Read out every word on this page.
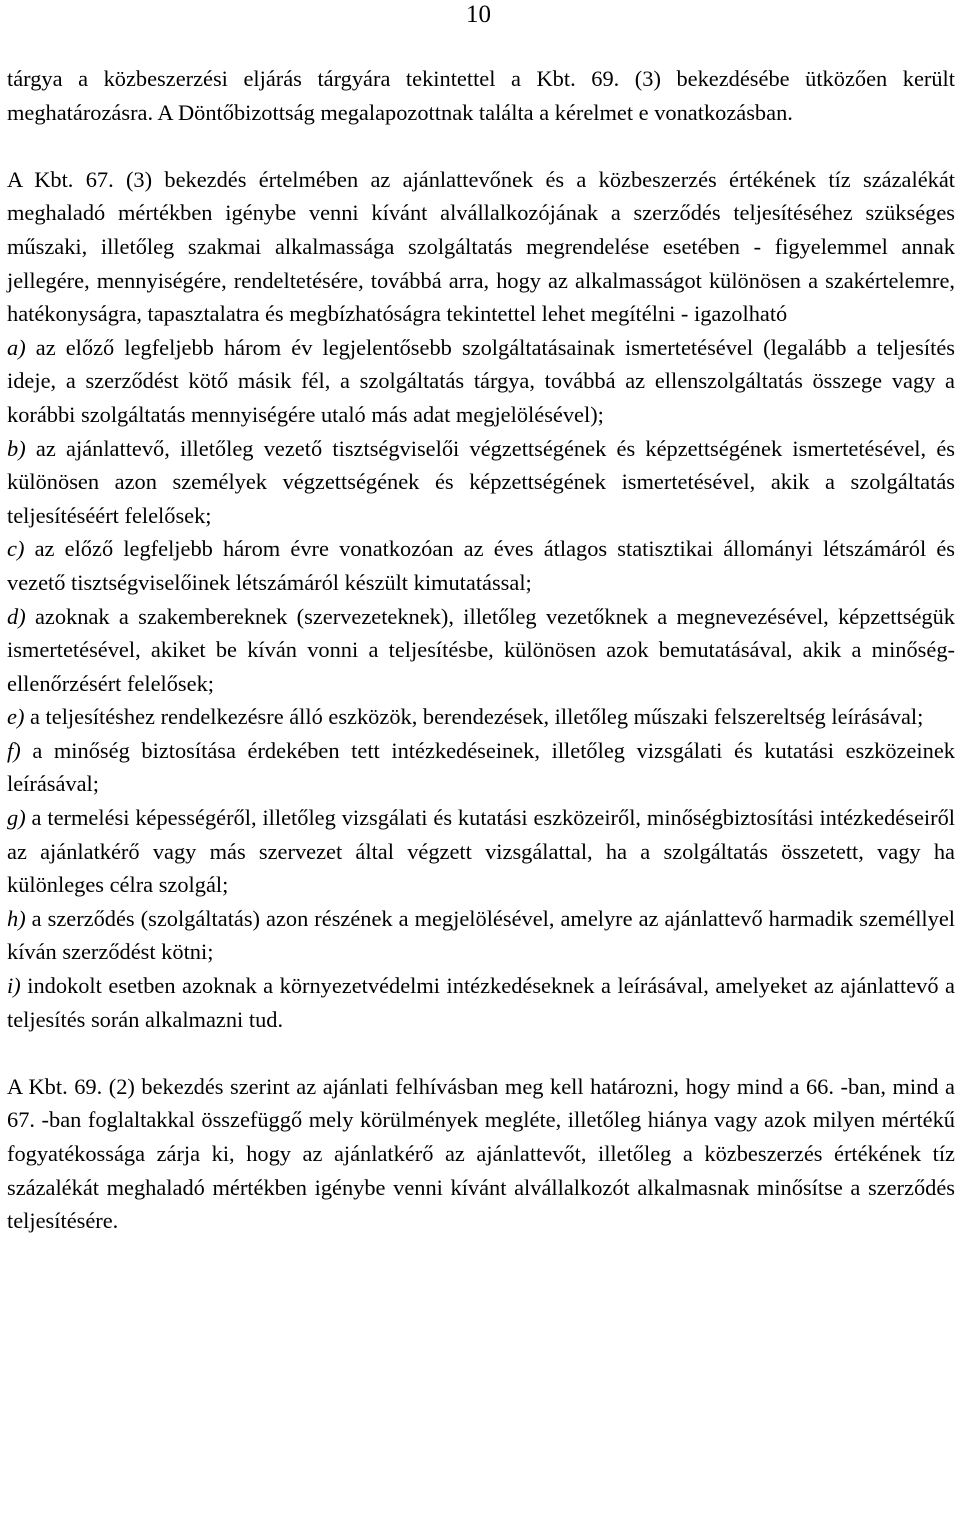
10

tárgya a közbeszerzési eljárás tárgyára tekintettel a Kbt. 69. (3) bekezdésébe ütközően került meghatározásra. A Döntőbizottság megalapozottnak találta a kérelmet e vonatkozásban.

A Kbt. 67. (3) bekezdés értelmében az ajánlattevőnek és a közbeszerzés értékének tíz százalékát meghaladó mértékben igénybe venni kívánt alvállalkozójának a szerződés teljesítéséhez szükséges műszaki, illetőleg szakmai alkalmassága szolgáltatás megrendelése esetében - figyelemmel annak jellegére, mennyiségére, rendeltetésére, továbbá arra, hogy az alkalmasságot különösen a szakértelemre, hatékonyságra, tapasztalatra és megbízhatóságra tekintettel lehet megítélni - igazolható

a) az előző legfeljebb három év legjelentősebb szolgáltatásainak ismertetésével (legalább a teljesítés ideje, a szerződést kötő másik fél, a szolgáltatás tárgya, továbbá az ellenszolgáltatás összege vagy a korábbi szolgáltatás mennyiségére utaló más adat megjelölésével);

b) az ajánlattevő, illetőleg vezető tisztségviselői végzettségének és képzettségének ismertetésével, és különösen azon személyek végzettségének és képzettségének ismertetésével, akik a szolgáltatás teljesítéséért felelősek;

c) az előző legfeljebb három évre vonatkozóan az éves átlagos statisztikai állományi létszámáról és vezető tisztségviselőinek létszámáról készült kimutatással;

d) azoknak a szakembereknek (szervezeteknek), illetőleg vezetőknek a megnevezésével, képzettségük ismertetésével, akiket be kíván vonni a teljesítésbe, különösen azok bemutatásával, akik a minőség-ellenőrzésért felelősek;

e) a teljesítéshez rendelkezésre álló eszközök, berendezések, illetőleg műszaki felszereltség leírásával;

f) a minőség biztosítása érdekében tett intézkedéseinek, illetőleg vizsgálati és kutatási eszközeinek leírásával;

g) a termelési képességéről, illetőleg vizsgálati és kutatási eszközeiről, minőségbiztosítási intézkedéseiről az ajánlatkérő vagy más szervezet által végzett vizsgálattal, ha a szolgáltatás összetett, vagy ha különleges célra szolgál;

h) a szerződés (szolgáltatás) azon részének a megjelölésével, amelyre az ajánlattevő harmadik személlyel kíván szerződést kötni;

i) indokolt esetben azoknak a környezetvédelmi intézkedéseknek a leírásával, amelyeket az ajánlattevő a teljesítés során alkalmazni tud.

A Kbt. 69. (2) bekezdés szerint az ajánlati felhívásban meg kell határozni, hogy mind a 66. -ban, mind a 67. -ban foglaltakkal összefüggő mely körülmények megléte, illetőleg hiánya vagy azok milyen mértékű fogyatékossága zárja ki, hogy az ajánlatkérő az ajánlattevőt, illetőleg a közbeszerzés értékének tíz százalékát meghaladó mértékben igénybe venni kívánt alvállalkozót alkalmasnak minősítse a szerződés teljesítésére.
